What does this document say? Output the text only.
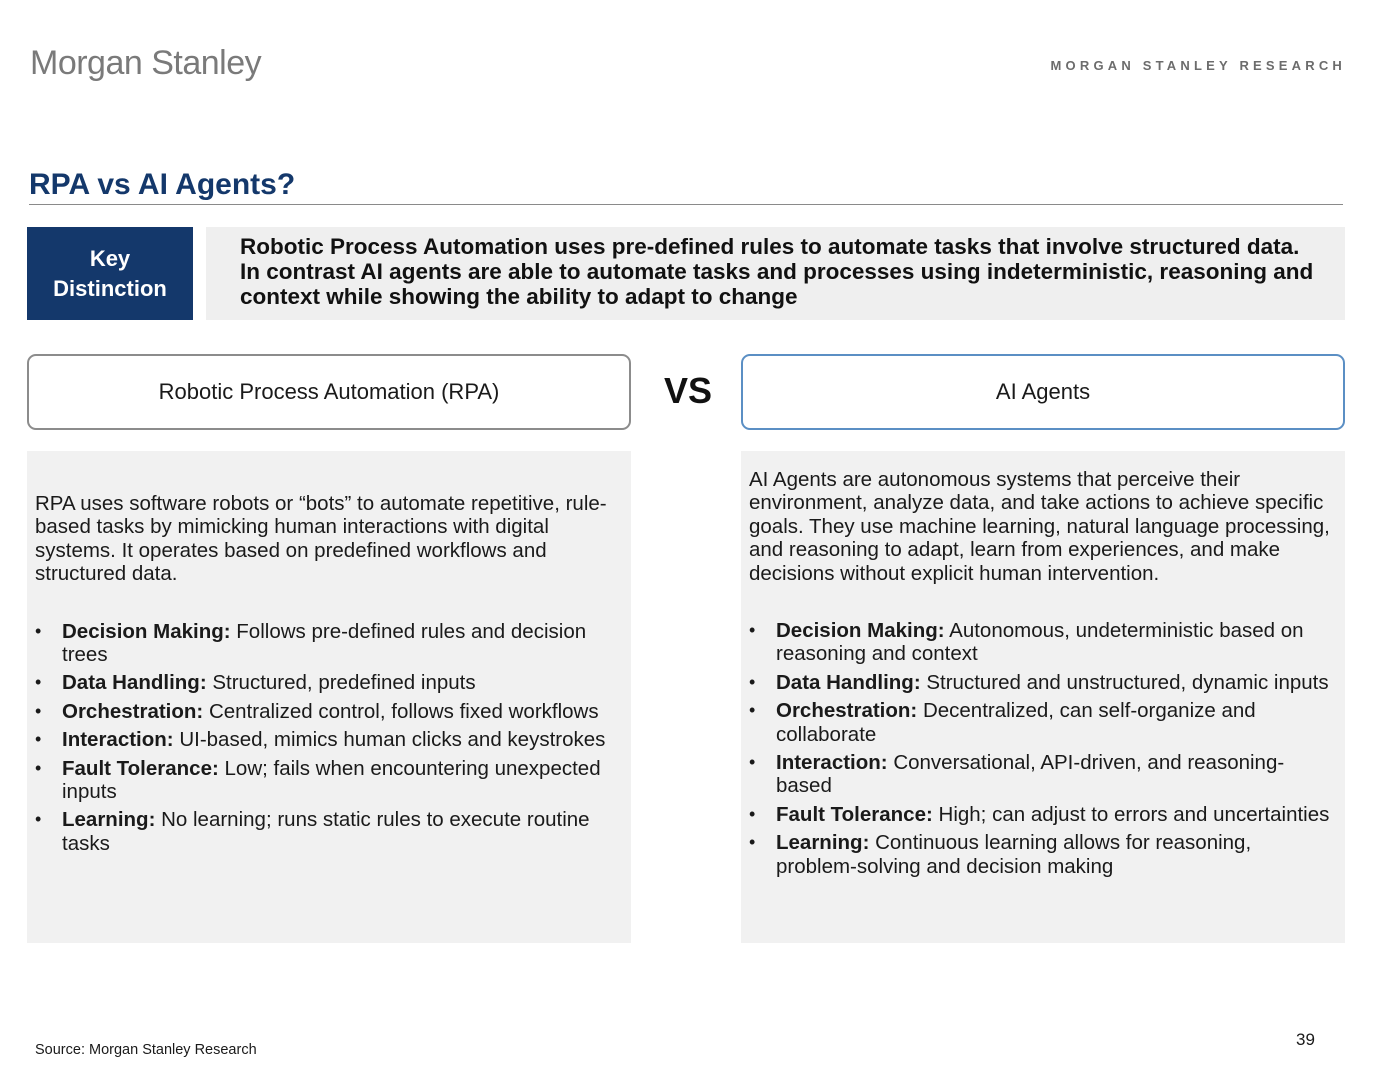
Morgan Stanley	MORGAN STANLEY RESEARCH
RPA vs AI Agents?
Key
Distinction
Robotic Process Automation uses pre-defined rules to automate tasks that involve structured data. In contrast AI agents are able to automate tasks and processes using indeterministic, reasoning and context while showing the ability to adapt to change
Robotic Process Automation (RPA)	VS	AI Agents

RPA uses software robots or “bots” to automate repetitive, rule-based tasks by mimicking human interactions with digital systems. It operates based on predefined workflows and structured data.

•	Decision Making: Follows pre-defined rules and decision trees
•	Data Handling: Structured, predefined inputs
•	Orchestration: Centralized control, follows fixed workflows
•	Interaction: UI-based, mimics human clicks and keystrokes
•	Fault Tolerance: Low; fails when encountering unexpected inputs
•	Learning: No learning; runs static rules to execute routine tasks

AI Agents are autonomous systems that perceive their environment, analyze data, and take actions to achieve specific goals. They use machine learning, natural language processing, and reasoning to adapt, learn from experiences, and make decisions without explicit human intervention.

•	Decision Making: Autonomous, undeterministic based on reasoning and context
•	Data Handling: Structured and unstructured, dynamic inputs
•	Orchestration: Decentralized, can self-organize and collaborate
•	Interaction: Conversational, API-driven, and reasoning-based
•	Fault Tolerance: High; can adjust to errors and uncertainties
•	Learning: Continuous learning allows for reasoning, problem-solving and decision making
Source: Morgan Stanley Research
39
